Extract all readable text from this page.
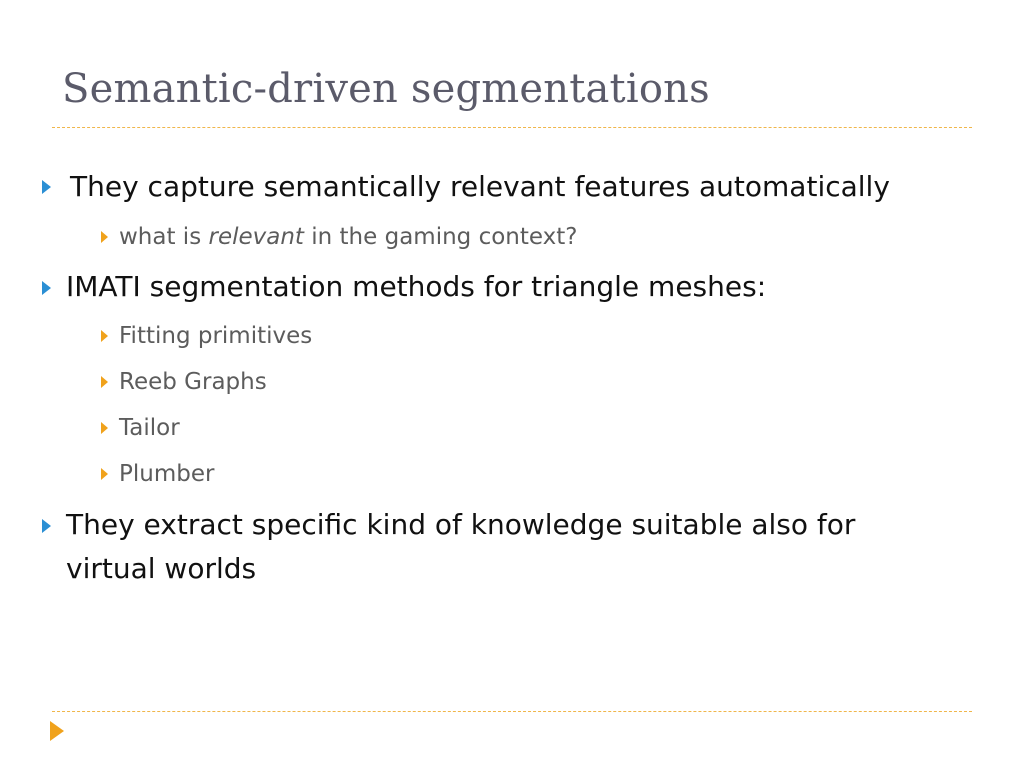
Semantic-driven segmentations
They capture semantically relevant features automatically
what is relevant in the gaming context?
IMATI segmentation methods for triangle meshes:
Fitting primitives
Reeb Graphs
Tailor
Plumber
They extract specific kind of knowledge suitable also for
virtual worlds
